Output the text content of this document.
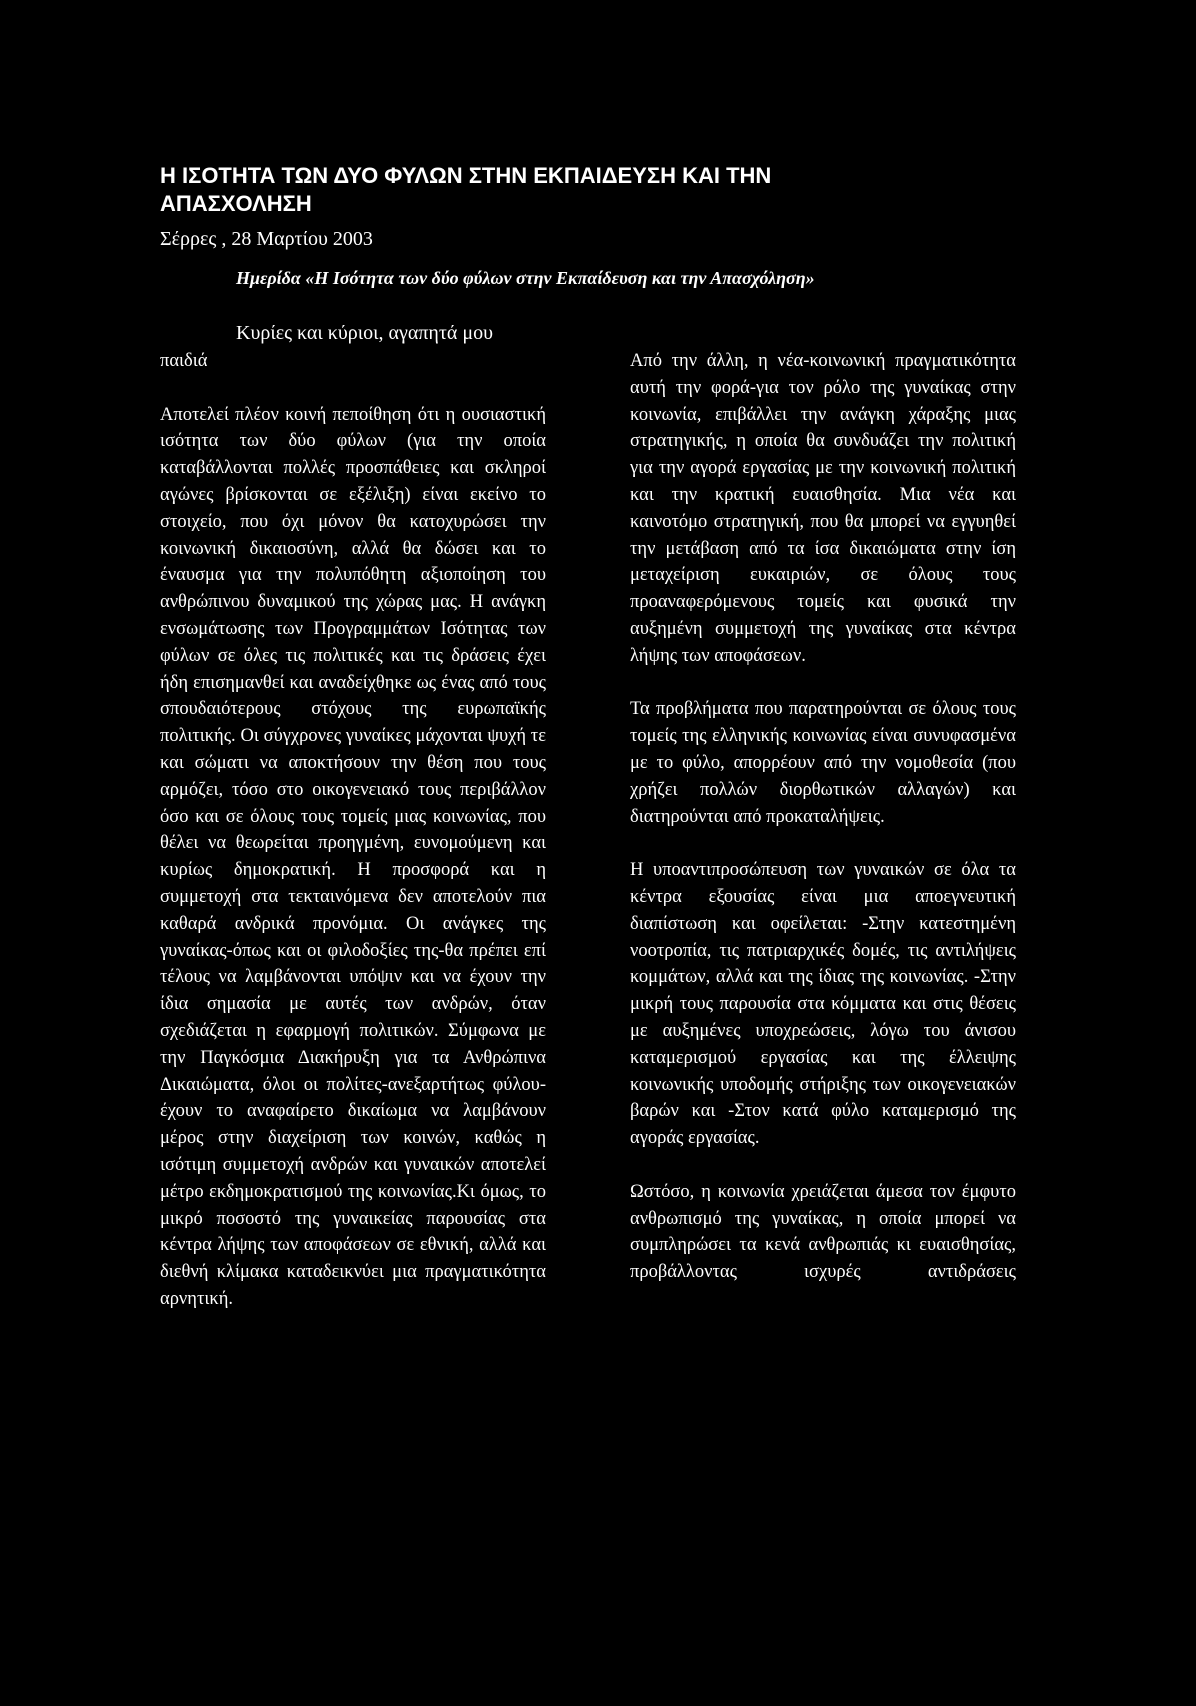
Η ΙΣΟΤΗΤΑ ΤΩΝ ΔΥΟ ΦΥΛΩΝ ΣΤΗΝ ΕΚΠΑΙΔΕΥΣΗ ΚΑΙ ΤΗΝ ΑΠΑΣΧΟΛΗΣΗ
Σέρρες , 28 Μαρτίου 2003
Ημερίδα «Η Ισότητα των δύο φύλων στην Εκπαίδευση και την Απασχόληση»
Κυρίες και κύριοι, αγαπητά μου

παιδιά

Αποτελεί πλέον κοινή πεποίθηση ότι η ουσιαστική ισότητα των δύο φύλων (για την οποία καταβάλλονται πολλές προσπάθειες και σκληροί αγώνες βρίσκονται σε εξέλιξη) είναι εκείνο το στοιχείο, που όχι μόνον θα κατοχυρώσει την κοινωνική δικαιοσύνη, αλλά θα δώσει και το έναυσμα για την πολυπόθητη αξιοποίηση του ανθρώπινου δυναμικού της χώρας μας. Η ανάγκη ενσωμάτωσης των Προγραμμάτων Ισότητας των φύλων σε όλες τις πολιτικές και τις δράσεις έχει ήδη επισημανθεί και αναδείχθηκε ως ένας από τους σπουδαιότερους στόχους της ευρωπαϊκής πολιτικής. Οι σύγχρονες γυναίκες μάχονται ψυχή τε και σώματι να αποκτήσουν την θέση που τους αρμόζει, τόσο στο οικογενειακό τους περιβάλλον όσο και σε όλους τους τομείς μιας κοινωνίας, που θέλει να θεωρείται προηγμένη, ευνομούμενη και κυρίως δημοκρατική. Η προσφορά και η συμμετοχή στα τεκταινόμενα δεν αποτελούν πια καθαρά ανδρικά προνόμια. Οι ανάγκες της γυναίκας-όπως και οι φιλοδοξίες της-θα πρέπει επί τέλους να λαμβάνονται υπόψιν και να έχουν την ίδια σημασία με αυτές των ανδρών, όταν σχεδιάζεται η εφαρμογή πολιτικών. Σύμφωνα με την Παγκόσμια Διακήρυξη για τα Ανθρώπινα Δικαιώματα, όλοι οι πολίτες-ανεξαρτήτως φύλου-έχουν το αναφαίρετο δικαίωμα να λαμβάνουν μέρος στην διαχείριση των κοινών, καθώς η ισότιμη συμμετοχή ανδρών και γυναικών αποτελεί μέτρο εκδημοκρατισμού της κοινωνίας.Κι όμως, το μικρό ποσοστό της γυναικείας παρουσίας στα κέντρα λήψης των αποφάσεων σε εθνική, αλλά και διεθνή κλίμακα καταδεικνύει μια πραγματικότητα αρνητική.

Από την άλλη, η νέα-κοινωνική πραγματικότητα αυτή την φορά-για τον ρόλο της γυναίκας στην κοινωνία, επιβάλλει την ανάγκη χάραξης μιας στρατηγικής, η οποία θα συνδυάζει την πολιτική για την αγορά εργασίας με την κοινωνική πολιτική και την κρατική ευαισθησία. Μια νέα και καινοτόμο στρατηγική, που θα μπορεί να εγγυηθεί την μετάβαση από τα ίσα δικαιώματα στην ίση μεταχείριση ευκαιριών, σε όλους τους προαναφερόμενους τομείς και φυσικά την αυξημένη συμμετοχή της γυναίκας στα κέντρα λήψης των αποφάσεων.

Τα προβλήματα που παρατηρούνται σε όλους τους τομείς της ελληνικής κοινωνίας είναι συνυφασμένα με το φύλο, απορρέουν από την νομοθεσία (που χρήζει πολλών διορθωτικών αλλαγών) και διατηρούνται από προκαταλήψεις.

Η υποαντιπροσώπευση των γυναικών σε όλα τα κέντρα εξουσίας είναι μια αποεγνευτική διαπίστωση και οφείλεται: -Στην κατεστημένη νοοτροπία, τις πατριαρχικές δομές, τις αντιλήψεις κομμάτων, αλλά και της ίδιας της κοινωνίας. -Στην μικρή τους παρουσία στα κόμματα και στις θέσεις με αυξημένες υποχρεώσεις, λόγω του άνισου καταμερισμού εργασίας και της έλλειψης κοινωνικής υποδομής στήριξης των οικογενειακών βαρών και -Στον κατά φύλο καταμερισμό της αγοράς εργασίας.

Ωστόσο, η κοινωνία χρειάζεται άμεσα τον έμφυτο ανθρωπισμό της γυναίκας, η οποία μπορεί να συμπληρώσει τα κενά ανθρωπιάς κι ευαισθησίας, προβάλλοντας ισχυρές αντιδράσεις
